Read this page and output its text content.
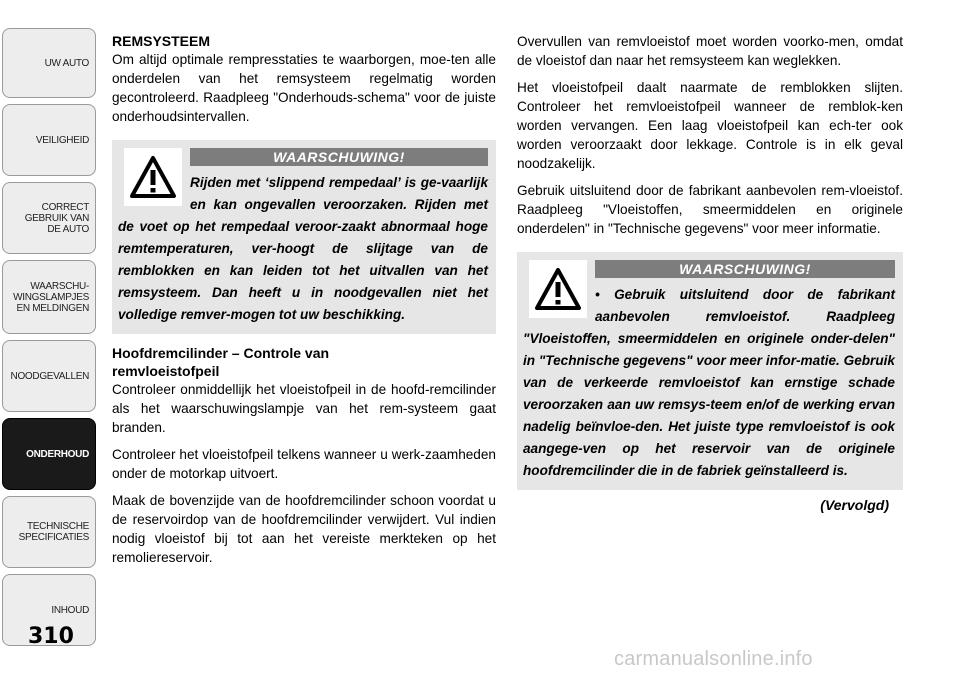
UW AUTO
VEILIGHEID
CORRECT
GEBRUIK VAN
DE AUTO
WAARSCHU-
WINGSLAMPJES
EN MELDINGEN
NOODGEVALLEN
ONDERHOUD
TECHNISCHE
SPECIFICATIES
INHOUD
310
REMSYSTEEM

Om altijd optimale rempresstaties te waarborgen, moe-ten alle onderdelen van het remsysteem regelmatig worden gecontroleerd. Raadpleeg "Onderhouds-schema" voor de juiste onderhoudsintervallen.

WAARSCHUWING!
Rijden met ‘slippend rempedaal’ is ge-vaarlijk en kan ongevallen veroorzaken. Rijden met de voet op het rempedaal veroor-zaakt abnormaal hoge remtemperaturen, ver-hoogt de slijtage van de remblokken en kan leiden tot het uitvallen van het remsysteem. Dan heeft u in noodgevallen niet het volledige remver-mogen tot uw beschikking.
Hoofdremcilinder – Controle van
remvloeistofpeil

Controleer onmiddellijk het vloeistofpeil in de hoofd-remcilinder als het waarschuwingslampje van het rem-systeem gaat branden.

Controleer het vloeistofpeil telkens wanneer u werk-zaamheden onder de motorkap uitvoert.

Maak de bovenzijde van de hoofdremcilinder schoon voordat u de reservoirdop van de hoofdremcilinder verwijdert. Vul indien nodig vloeistof bij tot aan het vereiste merkteken op het remoliereservoir.

Overvullen van remvloeistof moet worden voorko-men, omdat de vloeistof dan naar het remsysteem kan weglekken.

Het vloeistofpeil daalt naarmate de remblokken slijten. Controleer het remvloeistofpeil wanneer de remblok-ken worden vervangen. Een laag vloeistofpeil kan ech-ter ook worden veroorzaakt door lekkage. Controle is in elk geval noodzakelijk.

Gebruik uitsluitend door de fabrikant aanbevolen rem-vloeistof. Raadpleeg "Vloeistoffen, smeermiddelen en originele onderdelen" in "Technische gegevens" voor meer informatie.

WAARSCHUWING!
• Gebruik uitsluitend door de fabrikant aanbevolen remvloeistof. Raadpleeg "Vloeistoffen, smeermiddelen en originele onder-delen" in "Technische gegevens" voor meer infor-matie. Gebruik van de verkeerde remvloeistof kan ernstige schade veroorzaken aan uw remsys-teem en/of de werking ervan nadelig beïnvloe-den. Het juiste type remvloeistof is ook aangege-ven op het reservoir van de originele hoofdremcilinder die in de fabriek geïnstalleerd is.
(Vervolgd)
carmanualsonline.info
